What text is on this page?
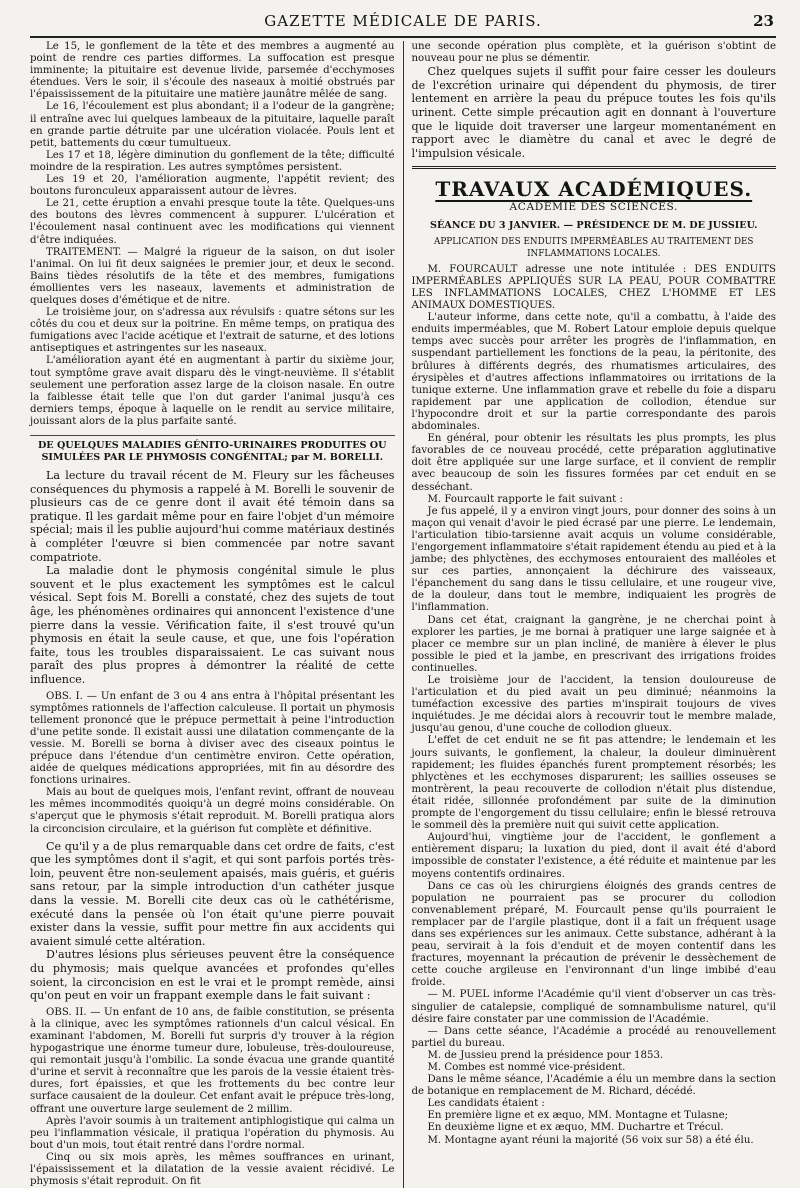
GAZETTE MÉDICALE DE PARIS.	23

Le 15, le gonflement de la tête et des membres a augmenté au point de rendre ces parties difformes. La suffocation est presque imminente; la pituitaire est devenue livide, parsemée d'ecchymoses étendues. Vers le soir, il s'écoule des naseaux à moitié obstrués par l'épaississement de la pituitaire une matière jaunâtre mêlée de sang.

Le 16, l'écoulement est plus abondant; il a l'odeur de la gangrène; il entraîne avec lui quelques lambeaux de la pituitaire, laquelle paraît en grande partie détruite par une ulcération violacée. Pouls lent et petit, battements du cœur tumultueux.

Les 17 et 18, légère diminution du gonflement de la tête; difficulté moindre de la respiration. Les autres symptômes persistent.

Les 19 et 20, l'amélioration augmente, l'appétit revient; des boutons furonculeux apparaissent autour de lèvres.

Le 21, cette éruption a envahi presque toute la tête. Quelques-uns des boutons des lèvres commencent à suppurer. L'ulcération et l'écoulement nasal continuent avec les modifications qui viennent d'être indiquées.

TRAITEMENT. — Malgré la rigueur de la saison, on dut isoler l'animal. On lui fit deux saignées le premier jour, et deux le second. Bains tièdes résolutifs de la tête et des membres, fumigations émollientes vers les naseaux, lavements et administration de quelques doses d'émétique et de nitre.

Le troisième jour, on s'adressa aux révulsifs : quatre sétons sur les côtés du cou et deux sur la poitrine. En même temps, on pratiqua des fumigations avec l'acide acétique et l'extrait de saturne, et des lotions antiseptiques et astringentes sur les naseaux.

L'amélioration ayant été en augmentant à partir du sixième jour, tout symptôme grave avait disparu dès le vingt-neuvième. Il s'établit seulement une perforation assez large de la cloison nasale. En outre la faiblesse était telle que l'on dut garder l'animal jusqu'à ces derniers temps, époque à laquelle on le rendit au service militaire, jouissant alors de la plus parfaite santé.

DE QUELQUES MALADIES GÉNITO-URINAIRES PRODUITES OU SIMULÉES PAR LE PHYMOSIS CONGÉNITAL; par M. BORELLI.

La lecture du travail récent de M. Fleury sur les fâcheuses conséquences du phymosis a rappelé à M. Borelli le souvenir de plusieurs cas de ce genre dont il avait été témoin dans sa pratique. Il les gardait même pour en faire l'objet d'un mémoire spécial; mais il les publie aujourd'hui comme matériaux destinés à compléter l'œuvre si bien commencée par notre savant compatriote.

La maladie dont le phymosis congénital simule le plus souvent et le plus exactement les symptômes est le calcul vésical. Sept fois M. Borelli a constaté, chez des sujets de tout âge, les phénomènes ordinaires qui annoncent l'existence d'une pierre dans la vessie. Vérification faite, il s'est trouvé qu'un phymosis en était la seule cause, et que, une fois l'opération faite, tous les troubles disparaissaient. Le cas suivant nous paraît des plus propres à démontrer la réalité de cette influence.

OBS. I. — Un enfant de 3 ou 4 ans entra à l'hôpital présentant les symptômes rationnels de l'affection calculeuse. Il portait un phymosis tellement prononcé que le prépuce permettait à peine l'introduction d'une petite sonde. Il existait aussi une dilatation commençante de la vessie. M. Borelli se borna à diviser avec des ciseaux pointus le prépuce dans l'étendue d'un centimètre environ. Cette opération, aidée de quelques médications appropriées, mit fin au désordre des fonctions urinaires.

Mais au bout de quelques mois, l'enfant revint, offrant de nouveau les mêmes incommodités quoiqu'à un degré moins considérable. On s'aperçut que le phymosis s'était reproduit. M. Borelli pratiqua alors la circoncision circulaire, et la guérison fut complète et définitive.

Ce qu'il y a de plus remarquable dans cet ordre de faits, c'est que les symptômes dont il s'agit, et qui sont parfois portés très-loin, peuvent être non-seulement apaisés, mais guéris, et guéris sans retour, par la simple introduction d'un cathéter jusque dans la vessie. M. Borelli cite deux cas où le cathétérisme, exécuté dans la pensée où l'on était qu'une pierre pouvait exister dans la vessie, suffit pour mettre fin aux accidents qui avaient simulé cette altération.

D'autres lésions plus sérieuses peuvent être la conséquence du phymosis; mais quelque avancées et profondes qu'elles soient, la circoncision en est le vrai et le prompt remède, ainsi qu'on peut en voir un frappant exemple dans le fait suivant :

OBS. II. — Un enfant de 10 ans, de faible constitution, se présenta à la clinique, avec les symptômes rationnels d'un calcul vésical. En examinant l'abdomen, M. Borelli fut surpris d'y trouver à la région hypogastrique une énorme tumeur dure, lobuleuse, très-douloureuse, qui remontait jusqu'à l'ombilic. La sonde évacua une grande quantité d'urine et servit à reconnaître que les parois de la vessie étaient très-dures, fort épaissies, et que les frottements du bec contre leur surface causaient de la douleur. Cet enfant avait le prépuce très-long, offrant une ouverture large seulement de 2 millim.

Après l'avoir soumis à un traitement antiphlogistique qui calma un peu l'inflammation vésicale, il pratiqua l'opération du phymosis. Au bout d'un mois, tout était rentré dans l'ordre normal.

Cinq ou six mois après, les mêmes souffrances en urinant, l'épaississement et la dilatation de la vessie avaient récidivé. Le phymosis s'était reproduit. On fit

une seconde opération plus complète, et la guérison s'obtint de nouveau pour ne plus se démentir.

Chez quelques sujets il suffit pour faire cesser les douleurs de l'excrétion urinaire qui dépendent du phymosis, de tirer lentement en arrière la peau du prépuce toutes les fois qu'ils urinent. Cette simple précaution agit en donnant à l'ouverture que le liquide doit traverser une largeur momentanément en rapport avec le diamètre du canal et avec le degré de l'impulsion vésicale.

TRAVAUX ACADÉMIQUES.
ACADÉMIE DES SCIENCES.
SÉANCE DU 3 JANVIER. — PRÉSIDENCE DE M. DE JUSSIEU.
APPLICATION DES ENDUITS IMPERMÉABLES AU TRAITEMENT DES INFLAMMATIONS LOCALES.

M. FOURCAULT adresse une note intitulée : DES ENDUITS IMPERMÉABLES APPLIQUÉS SUR LA PEAU, POUR COMBATTRE LES INFLAMMATIONS LOCALES, CHEZ L'HOMME ET LES ANIMAUX DOMESTIQUES.

L'auteur informe, dans cette note, qu'il a combattu, à l'aide des enduits imperméables, que M. Robert Latour emploie depuis quelque temps avec succès pour arrêter les progrès de l'inflammation, en suspendant partiellement les fonctions de la peau, la péritonite, des brûlures à différents degrés, des rhumatismes articulaires, des érysipèles et d'autres affections inflammatoires ou irritations de la tunique externe. Une inflammation grave et rebelle du foie a disparu rapidement par une application de collodion, étendue sur l'hypocondre droit et sur la partie correspondante des parois abdominales.

En général, pour obtenir les résultats les plus prompts, les plus favorables de ce nouveau procédé, cette préparation agglutinative doit être appliquée sur une large surface, et il convient de remplir avec beaucoup de soin les fissures formées par cet enduit en se desséchant.

M. Fourcault rapporte le fait suivant :

Je fus appelé, il y a environ vingt jours, pour donner des soins à un maçon qui venait d'avoir le pied écrasé par une pierre. Le lendemain, l'articulation tibio-tarsienne avait acquis un volume considérable, l'engorgement inflammatoire s'était rapidement étendu au pied et à la jambe; des phlyctènes, des ecchymoses entouraient des malléoles et sur ces parties, annonçaient la déchirure des vaisseaux, l'épanchement du sang dans le tissu cellulaire, et une rougeur vive, de la douleur, dans tout le membre, indiquaient les progrès de l'inflammation.

Dans cet état, craignant la gangrène, je ne cherchai point à explorer les parties, je me bornai à pratiquer une large saignée et à placer ce membre sur un plan incliné, de manière à élever le plus possible le pied et la jambe, en prescrivant des irrigations froides continuelles.

Le troisième jour de l'accident, la tension douloureuse de l'articulation et du pied avait un peu diminué; néanmoins la tuméfaction excessive des parties m'inspirait toujours de vives inquiétudes. Je me décidai alors à recouvrir tout le membre malade, jusqu'au genou, d'une couche de collodion glueux.

L'effet de cet enduit ne se fit pas attendre; le lendemain et les jours suivants, le gonflement, la chaleur, la douleur diminuèrent rapidement; les fluides épanchés furent promptement résorbés; les phlyctènes et les ecchymoses disparurent; les saillies osseuses se montrèrent, la peau recouverte de collodion n'était plus distendue, était ridée, sillonnée profondément par suite de la diminution prompte de l'engorgement du tissu cellulaire; enfin le blessé retrouva le sommeil dès la première nuit qui suivit cette application.

Aujourd'hui, vingtième jour de l'accident, le gonflement a entièrement disparu; la luxation du pied, dont il avait été d'abord impossible de constater l'existence, a été réduite et maintenue par les moyens contentifs ordinaires.

Dans ce cas où les chirurgiens éloignés des grands centres de population ne pourraient pas se procurer du collodion convenablement préparé, M. Fourcault pense qu'ils pourraient le remplacer par de l'argile plastique, dont il a fait un fréquent usage dans ses expériences sur les animaux. Cette substance, adhérant à la peau, servirait à la fois d'enduit et de moyen contentif dans les fractures, moyennant la précaution de prévenir le dessèchement de cette couche argileuse en l'environnant d'un linge imbibé d'eau froide.

— M. PUEL informe l'Académie qu'il vient d'observer un cas très-singulier de catalepsie, compliqué de somnambulisme naturel, qu'il désire faire constater par une commission de l'Académie.

— Dans cette séance, l'Académie a procédé au renouvellement partiel du bureau.

M. de Jussieu prend la présidence pour 1853.

M. Combes est nommé vice-président.

Dans le même séance, l'Académie a élu un membre dans la section de botanique en remplacement de M. Richard, décédé.

Les candidats étaient :

En première ligne et ex æquo, MM. Montagne et Tulasne;

En deuxième ligne et ex æquo, MM. Duchartre et Trécul.

M. Montagne ayant réuni la majorité (56 voix sur 58) a été élu.
